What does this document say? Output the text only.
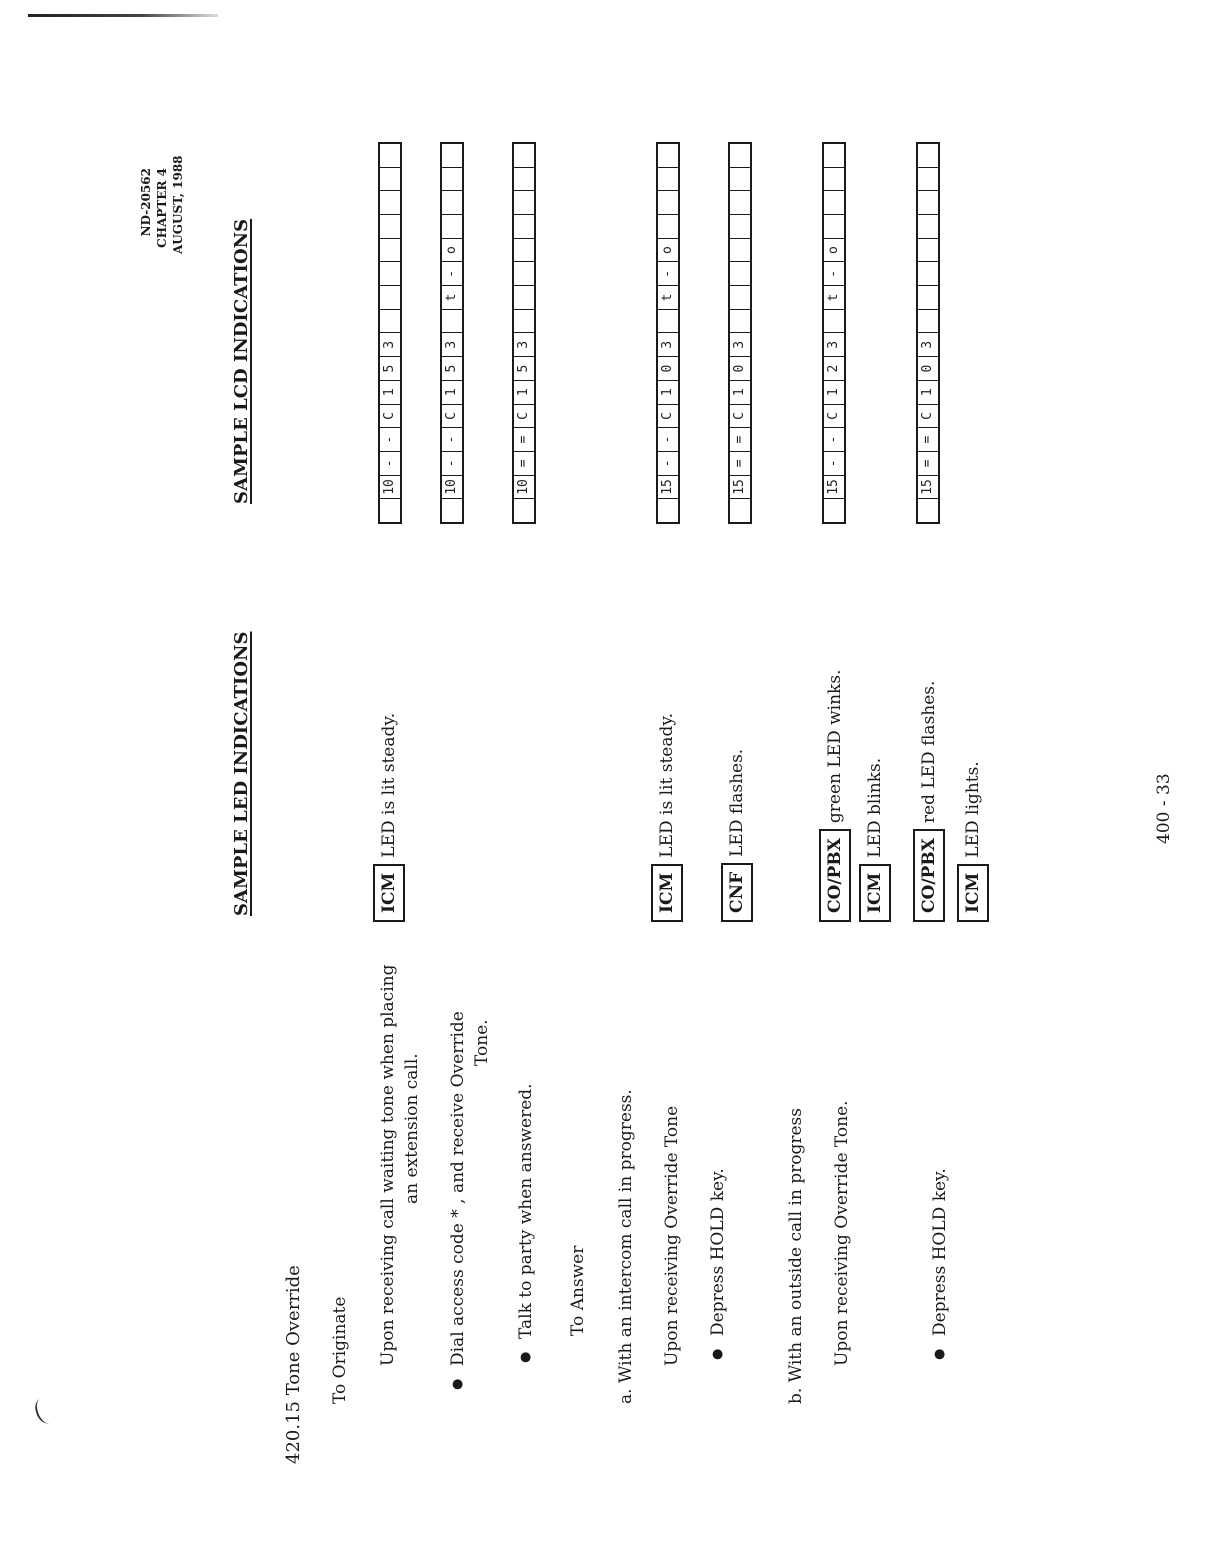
ND-20562 CHAPTER 4 AUGUST, 1988
420.15 Tone Override
SAMPLE LED INDICATIONS
SAMPLE LCD INDICATIONS
To Originate Upon receiving call waiting tone when placing an extension call. ● Dial access code * , and receive Override Tone.
● Talk to party when answered. To Answer a. With an intercom call in progress. Upon receiving Override Tone ● Depress HOLD key.	b. With an outside call in progress Upon receiving Override Tone.	● Depress HOLD key.
ICMLED is lit steady.
ICMLED is lit steady.
CNFLED flashes.
CO/PBXgreen LED winks.
ICMLED blinks.
CO/PBXred LED flashes.
ICMLED lights.
10
-
-
C
1
5
3
10
-
-
C
1
5
3
t
-
o
10
=
=
C
1
5
3
15
-
-
C
1
0
3
t
-
o
15
=
=
C
1
0
3
15
-
-
C
1
2
3
t
-
o
15
=
=
C
1
0
3
400 - 33
